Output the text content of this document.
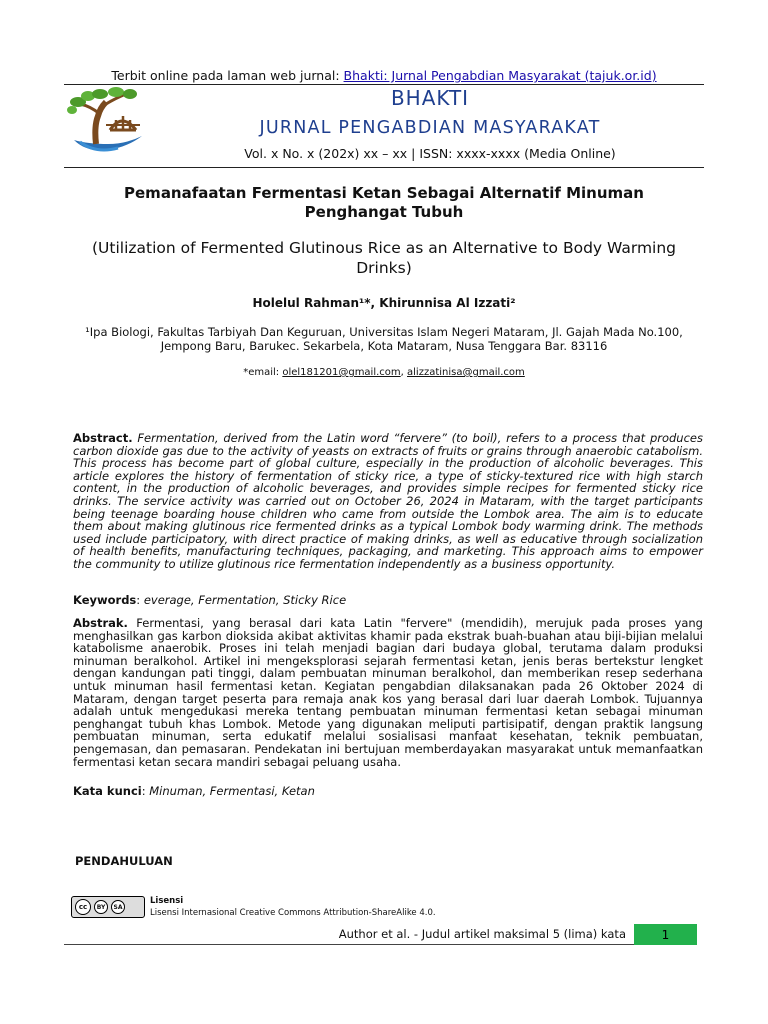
Terbit online pada laman web jurnal: Bhakti: Jurnal Pengabdian Masyarakat (tajuk.or.id)
BHAKTI
JURNAL PENGABDIAN MASYARAKAT
Vol. x No. x (202x) xx – xx | ISSN: xxxx-xxxx (Media Online)
Pemanafaatan Fermentasi Ketan Sebagai Alternatif Minuman Penghangat Tubuh
(Utilization of Fermented Glutinous Rice as an Alternative to Body Warming Drinks)
Holelul Rahman¹*, Khirunnisa Al Izzati²
¹Ipa Biologi, Fakultas Tarbiyah Dan Keguruan, Universitas Islam Negeri Mataram, Jl. Gajah Mada No.100, Jempong Baru, Barukec. Sekarbela, Kota Mataram, Nusa Tenggara Bar. 83116
*email: olel181201@gmail.com, alizzatinisa@gmail.com
Abstract. Fermentation, derived from the Latin word “fervere” (to boil), refers to a process that produces carbon dioxide gas due to the activity of yeasts on extracts of fruits or grains through anaerobic catabolism. This process has become part of global culture, especially in the production of alcoholic beverages. This article explores the history of fermentation of sticky rice, a type of sticky-textured rice with high starch content, in the production of alcoholic beverages, and provides simple recipes for fermented sticky rice drinks. The service activity was carried out on October 26, 2024 in Mataram, with the target participants being teenage boarding house children who came from outside the Lombok area. The aim is to educate them about making glutinous rice fermented drinks as a typical Lombok body warming drink. The methods used include participatory, with direct practice of making drinks, as well as educative through socialization of health benefits, manufacturing techniques, packaging, and marketing. This approach aims to empower the community to utilize glutinous rice fermentation independently as a business opportunity.
Keywords: everage, Fermentation, Sticky Rice
Abstrak. Fermentasi, yang berasal dari kata Latin "fervere" (mendidih), merujuk pada proses yang menghasilkan gas karbon dioksida akibat aktivitas khamir pada ekstrak buah-buahan atau biji-bijian melalui katabolisme anaerobik. Proses ini telah menjadi bagian dari budaya global, terutama dalam produksi minuman beralkohol. Artikel ini mengeksplorasi sejarah fermentasi ketan, jenis beras bertekstur lengket dengan kandungan pati tinggi, dalam pembuatan minuman beralkohol, dan memberikan resep sederhana untuk minuman hasil fermentasi ketan. Kegiatan pengabdian dilaksanakan pada 26 Oktober 2024 di Mataram, dengan target peserta para remaja anak kos yang berasal dari luar daerah Lombok. Tujuannya adalah untuk mengedukasi mereka tentang pembuatan minuman fermentasi ketan sebagai minuman penghangat tubuh khas Lombok. Metode yang digunakan meliputi partisipatif, dengan praktik langsung pembuatan minuman, serta edukatif melalui sosialisasi manfaat kesehatan, teknik pembuatan, pengemasan, dan pemasaran. Pendekatan ini bertujuan memberdayakan masyarakat untuk memanfaatkan fermentasi ketan secara mandiri sebagai peluang usaha.
Kata kunci: Minuman, Fermentasi, Ketan
PENDAHULUAN
cc	BY	SA
Lisensi
Lisensi Internasional Creative Commons Attribution-ShareAlike 4.0.
Author et al. - Judul artikel maksimal 5 (lima) kata	1
